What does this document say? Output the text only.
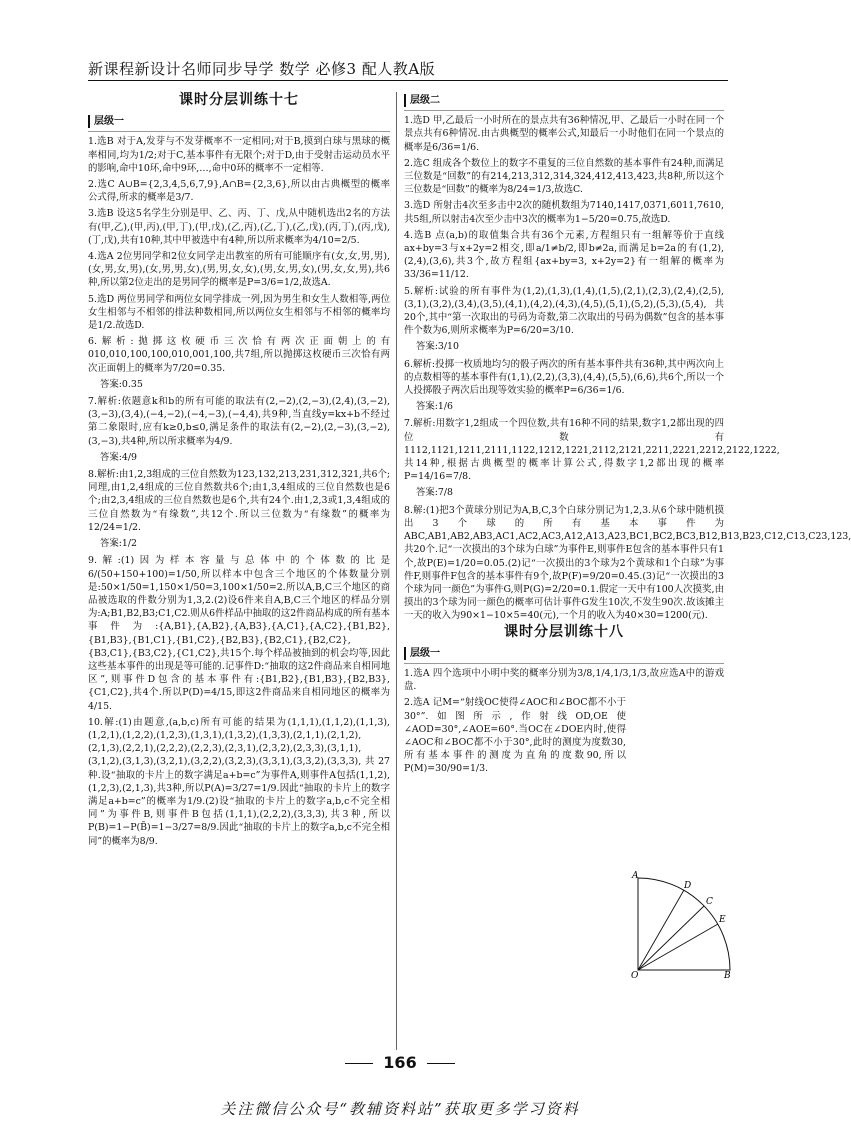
新课程新设计名师同步导学 数学 必修3 配人教A版
课时分层训练十七
层级一
1.选B 对于A,发芽与不发芽概率不一定相同;对于B,摸到白球与黑球的概率相同,均为1/2;对于C,基本事件有无限个;对于D,由于受射击运动员水平的影响,命中10环,命中9环,…,命中0环的概率不一定相等.
2.选C A∪B={2,3,4,5,6,7,9},A∩B={2,3,6},所以由古典概型的概率公式得,所求的概率是3/7.
3.选B 设这5名学生分别是甲、乙、丙、丁、戊,从中随机选出2名的方法有(甲,乙),(甲,丙),(甲,丁),(甲,戊),(乙,丙),(乙,丁),(乙,戊),(丙,丁),(丙,戊),(丁,戊),共有10种,其中甲被选中有4种,所以所求概率为4/10=2/5.
4.选A 2位男同学和2位女同学走出教室的所有可能顺序有(女,女,男,男),(女,男,女,男),(女,男,男,女),(男,男,女,女),(男,女,男,女),(男,女,女,男),共6种,所以第2位走出的是男同学的概率是P=3/6=1/2,故选A.
5.选D 两位男同学和两位女同学排成一列,因为男生和女生人数相等,两位女生相邻与不相邻的排法种数相同,所以两位女生相邻与不相邻的概率均是1/2.故选D.
6.解析:抛掷这枚硬币三次恰有两次正面朝上的有010,010,100,100,010,001,100,共7组,所以抛掷这枚硬币三次恰有两次正面朝上的概率为7/20=0.35.
答案:0.35
7.解析:依题意k和b的所有可能的取法有(2,−2),(2,−3),(2,4),(3,−2),(3,−3),(3,4),(−4,−2),(−4,−3),(−4,4),共9种,当直线y=kx+b不经过第二象限时,应有k≥0,b≤0,满足条件的取法有(2,−2),(2,−3),(3,−2),(3,−3),共4种,所以所求概率为4/9.
答案:4/9
8.解析:由1,2,3组成的三位自然数为123,132,213,231,312,321,共6个;同理,由1,2,4组成的三位自然数共6个;由1,3,4组成的三位自然数也是6个;由2,3,4组成的三位自然数也是6个,共有24个.由1,2,3或1,3,4组成的三位自然数为“有缘数”,共12个.所以三位数为“有缘数”的概率为12/24=1/2.
答案:1/2
9.解:(1)因为样本容量与总体中的个体数的比是6/(50+150+100)=1/50,所以样本中包含三个地区的个体数量分别是:50×1/50=1,150×1/50=3,100×1/50=2.所以A,B,C三个地区的商品被选取的件数分别为1,3,2.(2)设6件来自A,B,C三个地区的样品分别为:A;B1,B2,B3;C1,C2.则从6件样品中抽取的这2件商品构成的所有基本事件为:{A,B1},{A,B2},{A,B3},{A,C1},{A,C2},{B1,B2},{B1,B3},{B1,C1},{B1,C2},{B2,B3},{B2,C1},{B2,C2},{B3,C1},{B3,C2},{C1,C2},共15个.每个样品被抽到的机会均等,因此这些基本事件的出现是等可能的.记事件D:“抽取的这2件商品来自相同地区”,则事件D包含的基本事件有:{B1,B2},{B1,B3},{B2,B3},{C1,C2},共4个.所以P(D)=4/15,即这2件商品来自相同地区的概率为4/15.
10.解:(1)由题意,(a,b,c)所有可能的结果为(1,1,1),(1,1,2),(1,1,3),(1,2,1),(1,2,2),(1,2,3),(1,3,1),(1,3,2),(1,3,3),(2,1,1),(2,1,2),(2,1,3),(2,2,1),(2,2,2),(2,2,3),(2,3,1),(2,3,2),(2,3,3),(3,1,1),(3,1,2),(3,1,3),(3,2,1),(3,2,2),(3,2,3),(3,3,1),(3,3,2),(3,3,3),共27种.设“抽取的卡片上的数字满足a+b=c”为事件A,则事件A包括(1,1,2),(1,2,3),(2,1,3),共3种,所以P(A)=3/27=1/9.因此“抽取的卡片上的数字满足a+b=c”的概率为1/9.(2)设“抽取的卡片上的数字a,b,c不完全相同”为事件B,则事件B包括(1,1,1),(2,2,2),(3,3,3),共3种,所以P(B)=1−P(B̄)=1−3/27=8/9.因此“抽取的卡片上的数字a,b,c不完全相同”的概率为8/9.
层级二
1.选D 甲,乙最后一小时所在的景点共有36种情况,甲、乙最后一小时在同一个景点共有6种情况.由古典概型的概率公式,知最后一小时他们在同一个景点的概率是6/36=1/6.
2.选C 组成各个数位上的数字不重复的三位自然数的基本事件有24种,而满足三位数是“回数”的有214,213,312,314,324,412,413,423,共8种,所以这个三位数是“回数”的概率为8/24=1/3,故选C.
3.选D 所射击4次至多击中2次的随机数组为7140,1417,0371,6011,7610,共5组,所以射击4次至少击中3次的概率为1−5/20=0.75,故选D.
4.选B 点(a,b)的取值集合共有36个元素,方程组只有一组解等价于直线ax+by=3与x+2y=2相交,即a/1≠b/2,即b≠2a,而满足b=2a的有(1,2),(2,4),(3,6),共3个,故方程组{ax+by=3, x+2y=2}有一组解的概率为33/36=11/12.
5.解析:试验的所有事件为(1,2),(1,3),(1,4),(1,5),(2,1),(2,3),(2,4),(2,5),(3,1),(3,2),(3,4),(3,5),(4,1),(4,2),(4,3),(4,5),(5,1),(5,2),(5,3),(5,4),共20个,其中“第一次取出的号码为奇数,第二次取出的号码为偶数”包含的基本事件个数为6,则所求概率为P=6/20=3/10.
答案:3/10
6.解析:投掷一枚质地均匀的骰子两次的所有基本事件共有36种,其中两次向上的点数相等的基本事件有(1,1),(2,2),(3,3),(4,4),(5,5),(6,6),共6个,所以一个人投掷骰子两次后出现等效实验的概率P=6/36=1/6.
答案:1/6
7.解析:用数字1,2组成一个四位数,共有16种不同的结果,数字1,2都出现的四位数有1112,1121,1211,2111,1122,1212,1221,2112,2121,2211,2221,2212,2122,1222,共14种,根据古典概型的概率计算公式,得数字1,2都出现的概率P=14/16=7/8.
答案:7/8
8.解:(1)把3个黄球分别记为A,B,C,3个白球分别记为1,2,3.从6个球中随机摸出3个球的所有基本事件为ABC,AB1,AB2,AB3,AC1,AC2,AC3,A12,A13,A23,BC1,BC2,BC3,B12,B13,B23,C12,C13,C23,123,共20个.记“一次摸出的3个球为白球”为事件E,则事件E包含的基本事件只有1个,故P(E)=1/20=0.05.(2)记“一次摸出的3个球为2个黄球和1个白球”为事件F,则事件F包含的基本事件有9个,故P(F)=9/20=0.45.(3)记“一次摸出的3个球为同一颜色”为事件G,则P(G)=2/20=0.1.假定一天中有100人次摸奖,由摸出的3个球为同一颜色的概率可估计事件G发生10次,不发生90次.故该摊主一天的收入为90×1−10×5=40(元),一个月的收入为40×30=1200(元).
课时分层训练十八
层级一
1.选A 四个选项中小明中奖的概率分别为3/8,1/4,1/3,1/3,故应选A中的游戏盘.
2.选A 记M=“射线OC使得∠AOC和∠BOC都不小于30°”.如图所示,作射线OD,OE使∠AOD=30°,∠AOE=60°.当OC在∠DOE内时,使得∠AOC和∠BOC都不小于30°,此时的测度为度数30,所有基本事件的测度为直角的度数90,所以P(M)=30/90=1/3.
A
B
C
D
E
O
166
关注微信公众号“教辅资料站”获取更多学习资料
